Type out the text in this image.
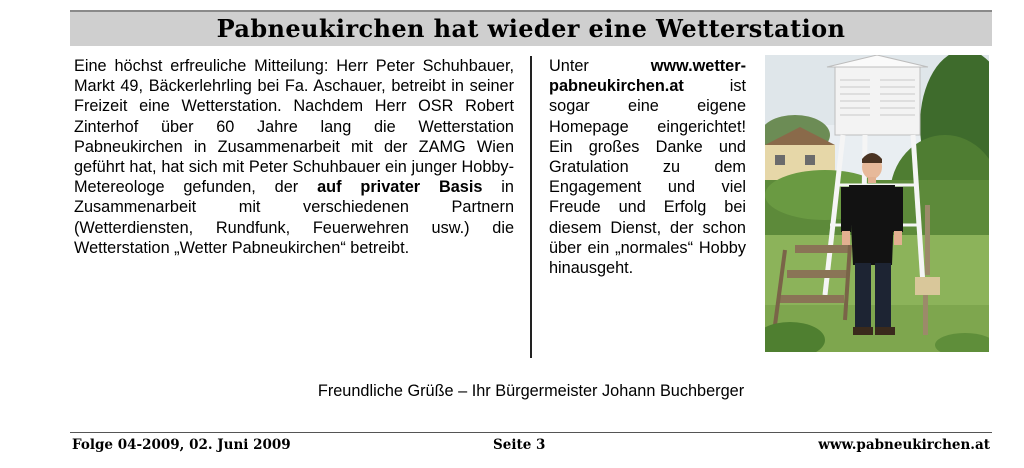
Pabneukirchen hat wieder eine Wetterstation

Eine höchst erfreuliche Mitteilung: Herr Peter Schuhbauer, Markt 49, Bäckerlehrling bei Fa. Aschauer, betreibt in seiner Freizeit eine Wetterstation. Nachdem Herr OSR Robert Zinterhof über 60 Jahre lang die Wetterstation Pabneukirchen in Zusammenarbeit mit der ZAMG Wien geführt hat, hat sich mit Peter Schuhbauer ein junger Hobby-Metereologe gefunden, der auf privater Basis in Zusammenarbeit mit verschiedenen Partnern (Wetterdiensten, Rundfunk, Feuerwehren usw.) die Wetterstation „Wetter Pabneukirchen“ betreibt.

Unter www.wetter-pabneukirchen.at ist sogar eine eigene Homepage eingerichtet! Ein großes Danke und Gratulation zu dem Engagement und viel Freude und Erfolg bei diesem Dienst, der schon über ein „normales“ Hobby hinausgeht.

Freundliche Grüße – Ihr Bürgermeister Johann Buchberger
Folge 04-2009, 02. Juni 2009	Seite 3	www.pabneukirchen.at
